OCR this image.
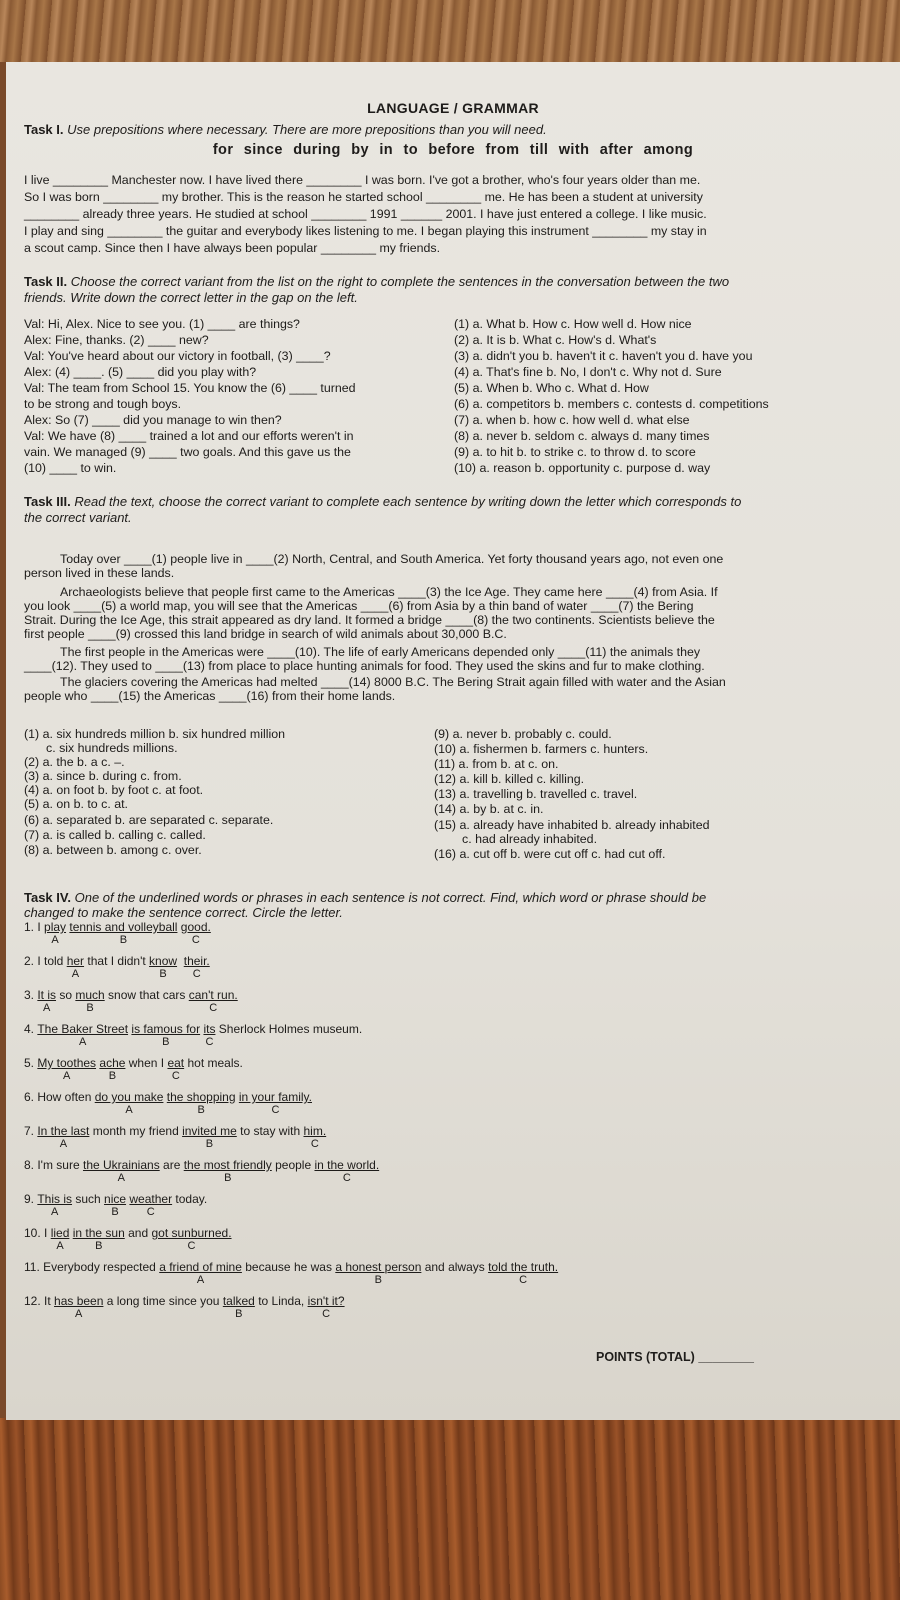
LANGUAGE / GRAMMAR
Task I. Use prepositions where necessary. There are more prepositions than you will need.
for since during by in to before from till with after among
I live ________ Manchester now. I have lived there ________ I was born. I've got a brother, who's four years older than me.
So I was born ________ my brother. This is the reason he started school ________ me. He has been a student at university
________ already three years. He studied at school ________ 1991 ______ 2001. I have just entered a college. I like music.
I play and sing ________ the guitar and everybody likes listening to me. I began playing this instrument ________ my stay in
a scout camp. Since then I have always been popular ________ my friends.
Task II. Choose the correct variant from the list on the right to complete the sentences in the conversation between the two
friends. Write down the correct letter in the gap on the left.
Val: Hi, Alex. Nice to see you. (1) ____ are things?
Alex: Fine, thanks. (2) ____ new?
Val: You've heard about our victory in football, (3) ____?
Alex: (4) ____. (5) ____ did you play with?
Val: The team from School 15. You know the (6) ____ turned
to be strong and tough boys.
Alex: So (7) ____ did you manage to win then?
Val: We have (8) ____ trained a lot and our efforts weren't in
vain. We managed (9) ____ two goals. And this gave us the
(10) ____ to win.
(1) a. What b. How c. How well d. How nice
(2) a. It is b. What c. How's d. What's
(3) a. didn't you b. haven't it c. haven't you d. have you
(4) a. That's fine b. No, I don't c. Why not d. Sure
(5) a. When b. Who c. What d. How
(6) a. competitors b. members c. contests d. competitions
(7) a. when b. how c. how well d. what else
(8) a. never b. seldom c. always d. many times
(9) a. to hit b. to strike c. to throw d. to score
(10) a. reason b. opportunity c. purpose d. way
Task III. Read the text, choose the correct variant to complete each sentence by writing down the letter which corresponds to
the correct variant.
Today over ____(1) people live in ____(2) North, Central, and South America. Yet forty thousand years ago, not even one
person lived in these lands.
Archaeologists believe that people first came to the Americas ____(3) the Ice Age. They came here ____(4) from Asia. If
you look ____(5) a world map, you will see that the Americas ____(6) from Asia by a thin band of water ____(7) the Bering
Strait. During the Ice Age, this strait appeared as dry land. It formed a bridge ____(8) the two continents. Scientists believe the
first people ____(9) crossed this land bridge in search of wild animals about 30,000 B.C.
The first people in the Americas were ____(10). The life of early Americans depended only ____(11) the animals they
____(12). They used to ____(13) from place to place hunting animals for food. They used the skins and fur to make clothing.
The glaciers covering the Americas had melted ____(14) 8000 B.C. The Bering Strait again filled with water and the Asian
people who ____(15) the Americas ____(16) from their home lands.
(1) a. six hundreds million b. six hundred million
c. six hundreds millions.
(2) a. the b. a c. –.
(3) a. since b. during c. from.
(4) a. on foot b. by foot c. at foot.
(5) a. on b. to c. at.
(6) a. separated b. are separated c. separate.
(7) a. is called b. calling c. called.
(8) a. between b. among c. over.
(9) a. never b. probably c. could.
(10) a. fishermen b. farmers c. hunters.
(11) a. from b. at c. on.
(12) a. kill b. killed c. killing.
(13) a. travelling b. travelled c. travel.
(14) a. by b. at c. in.
(15) a. already have inhabited b. already inhabited
c. had already inhabited.
(16) a. cut off b. were cut off c. had cut off.
Task IV. One of the underlined words or phrases in each sentence is not correct. Find, which word or phrase should be
changed to make the sentence correct. Circle the letter.
1. I play
A
tennis and volleyball
B
good.
C
2. I told her
A
that I didn't know
B
their.
C
3. It is
A
so much
B
snow that cars can't run.
C
4. The Baker Street
A
is famous for
B
its
C
Sherlock Holmes museum.
5. My toothes
A
ache
B
when I eat
C
hot meals.
6. How often do you make
A
the shopping
B
in your family.
C
7. In the last
A
month my friend invited me
B
to stay with him.
C
8. I'm sure the Ukrainians
A
are the most friendly
B
people in the world.
C
9. This is
A
such nice
B
weather
C
today.
10. I lied
A
in the sun
B
and got sunburned.
C
11. Everybody respected a friend of mine
A
because he was a honest person
B
and always told the truth.
C
12. It has been
A
a long time since you talked
B
to Linda, isn't it?
C
POINTS (TOTAL) ________
